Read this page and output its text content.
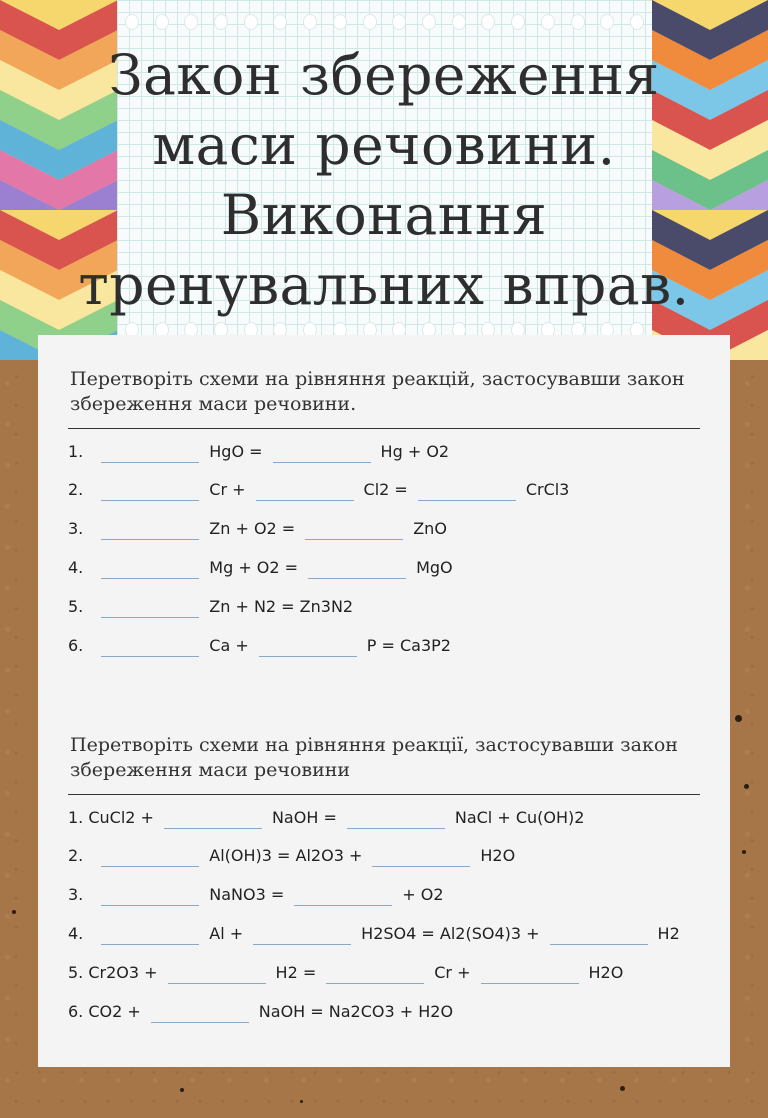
Закон збереження маси речовини. Виконання тренувальних вправ.

Перетворіть схеми на рівняння реакцій, застосувавши закон збереження маси речовини.

1.	HgO =	Hg + O2
2.	Cr +	Cl2 =	CrCl3
3.	Zn + O2 =	ZnO
4.	Mg + O2 =	MgO
5.	Zn + N2 = Zn3N2
6.	Ca +	P = Ca3P2

Перетворіть схеми на рівняння реакції, застосувавши закон збереження маси речовини

1. CuCl2 +	NaOH =	NaCl + Cu(OH)2
2.	Al(OH)3 = Al2O3 +	H2O
3.	NaNO3 =	+ O2
4.	Al +	H2SO4 = Al2(SO4)3 +	H2
5. Cr2O3 +	H2 =	Cr +	H2O
6. CO2 +	NaOH = Na2CO3 + H2O
